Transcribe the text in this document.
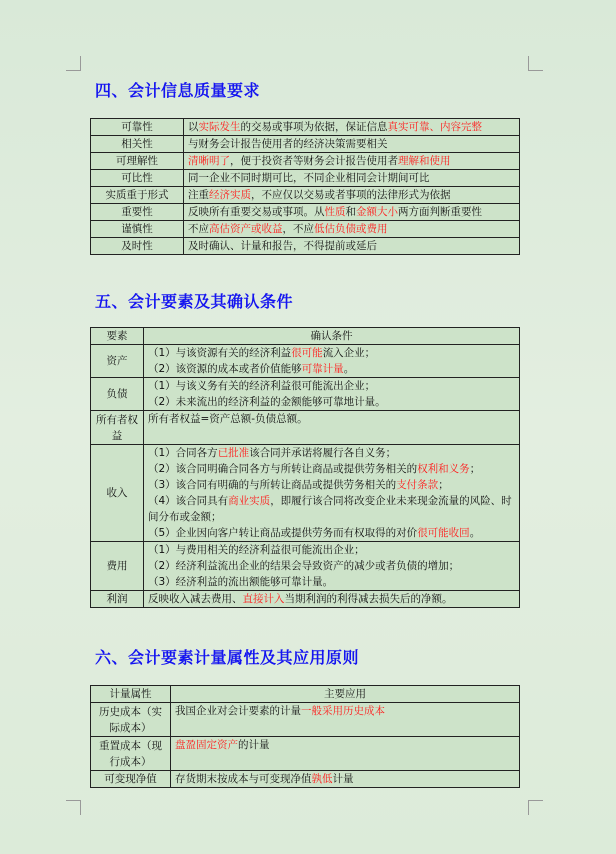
四、会计信息质量要求
可靠性	以实际发生的交易或事项为依据，保证信息真实可靠、内容完整
相关性	与财务会计报告使用者的经济决策需要相关
可理解性	清晰明了，便于投资者等财务会计报告使用者理解和使用
可比性	同一企业不同时期可比，不同企业相同会计期间可比
实质重于形式	注重经济实质，不应仅以交易或者事项的法律形式为依据
重要性	反映所有重要交易或事项。从性质和金额大小两方面判断重要性
谨慎性	不应高估资产或收益，不应低估负债或费用
及时性	及时确认、计量和报告，不得提前或延后
五、会计要素及其确认条件
要素	确认条件
资产	（1）与该资源有关的经济利益很可能流入企业；
（2）该资源的成本或者价值能够可靠计量。

负债	（1）与该义务有关的经济利益很可能流出企业；
（2）未来流出的经济利益的金额能够可靠地计量。

所有者权益	所有者权益=资产总额-负债总额。

收入	（1）合同各方已批准该合同并承诺将履行各自义务；
（2）该合同明确合同各方与所转让商品或提供劳务相关的权利和义务；
（3）该合同有明确的与所转让商品或提供劳务相关的支付条款；
（4）该合同具有商业实质，即履行该合同将改变企业未来现金流量的风险、时间分布或金额；
（5）企业因向客户转让商品或提供劳务而有权取得的对价很可能收回。

费用	（1）与费用相关的经济利益很可能流出企业；
（2）经济利益流出企业的结果会导致资产的减少或者负债的增加；
（3）经济利益的流出额能够可靠计量。

利润	反映收入减去费用、直接计入当期利润的利得减去损失后的净额。
六、会计要素计量属性及其应用原则
计量属性	主要应用
历史成本（实际成本）	我国企业对会计要素的计量一般采用历史成本

重置成本（现行成本）	盘盈固定资产的计量

可变现净值	存货期末按成本与可变现净值孰低计量
